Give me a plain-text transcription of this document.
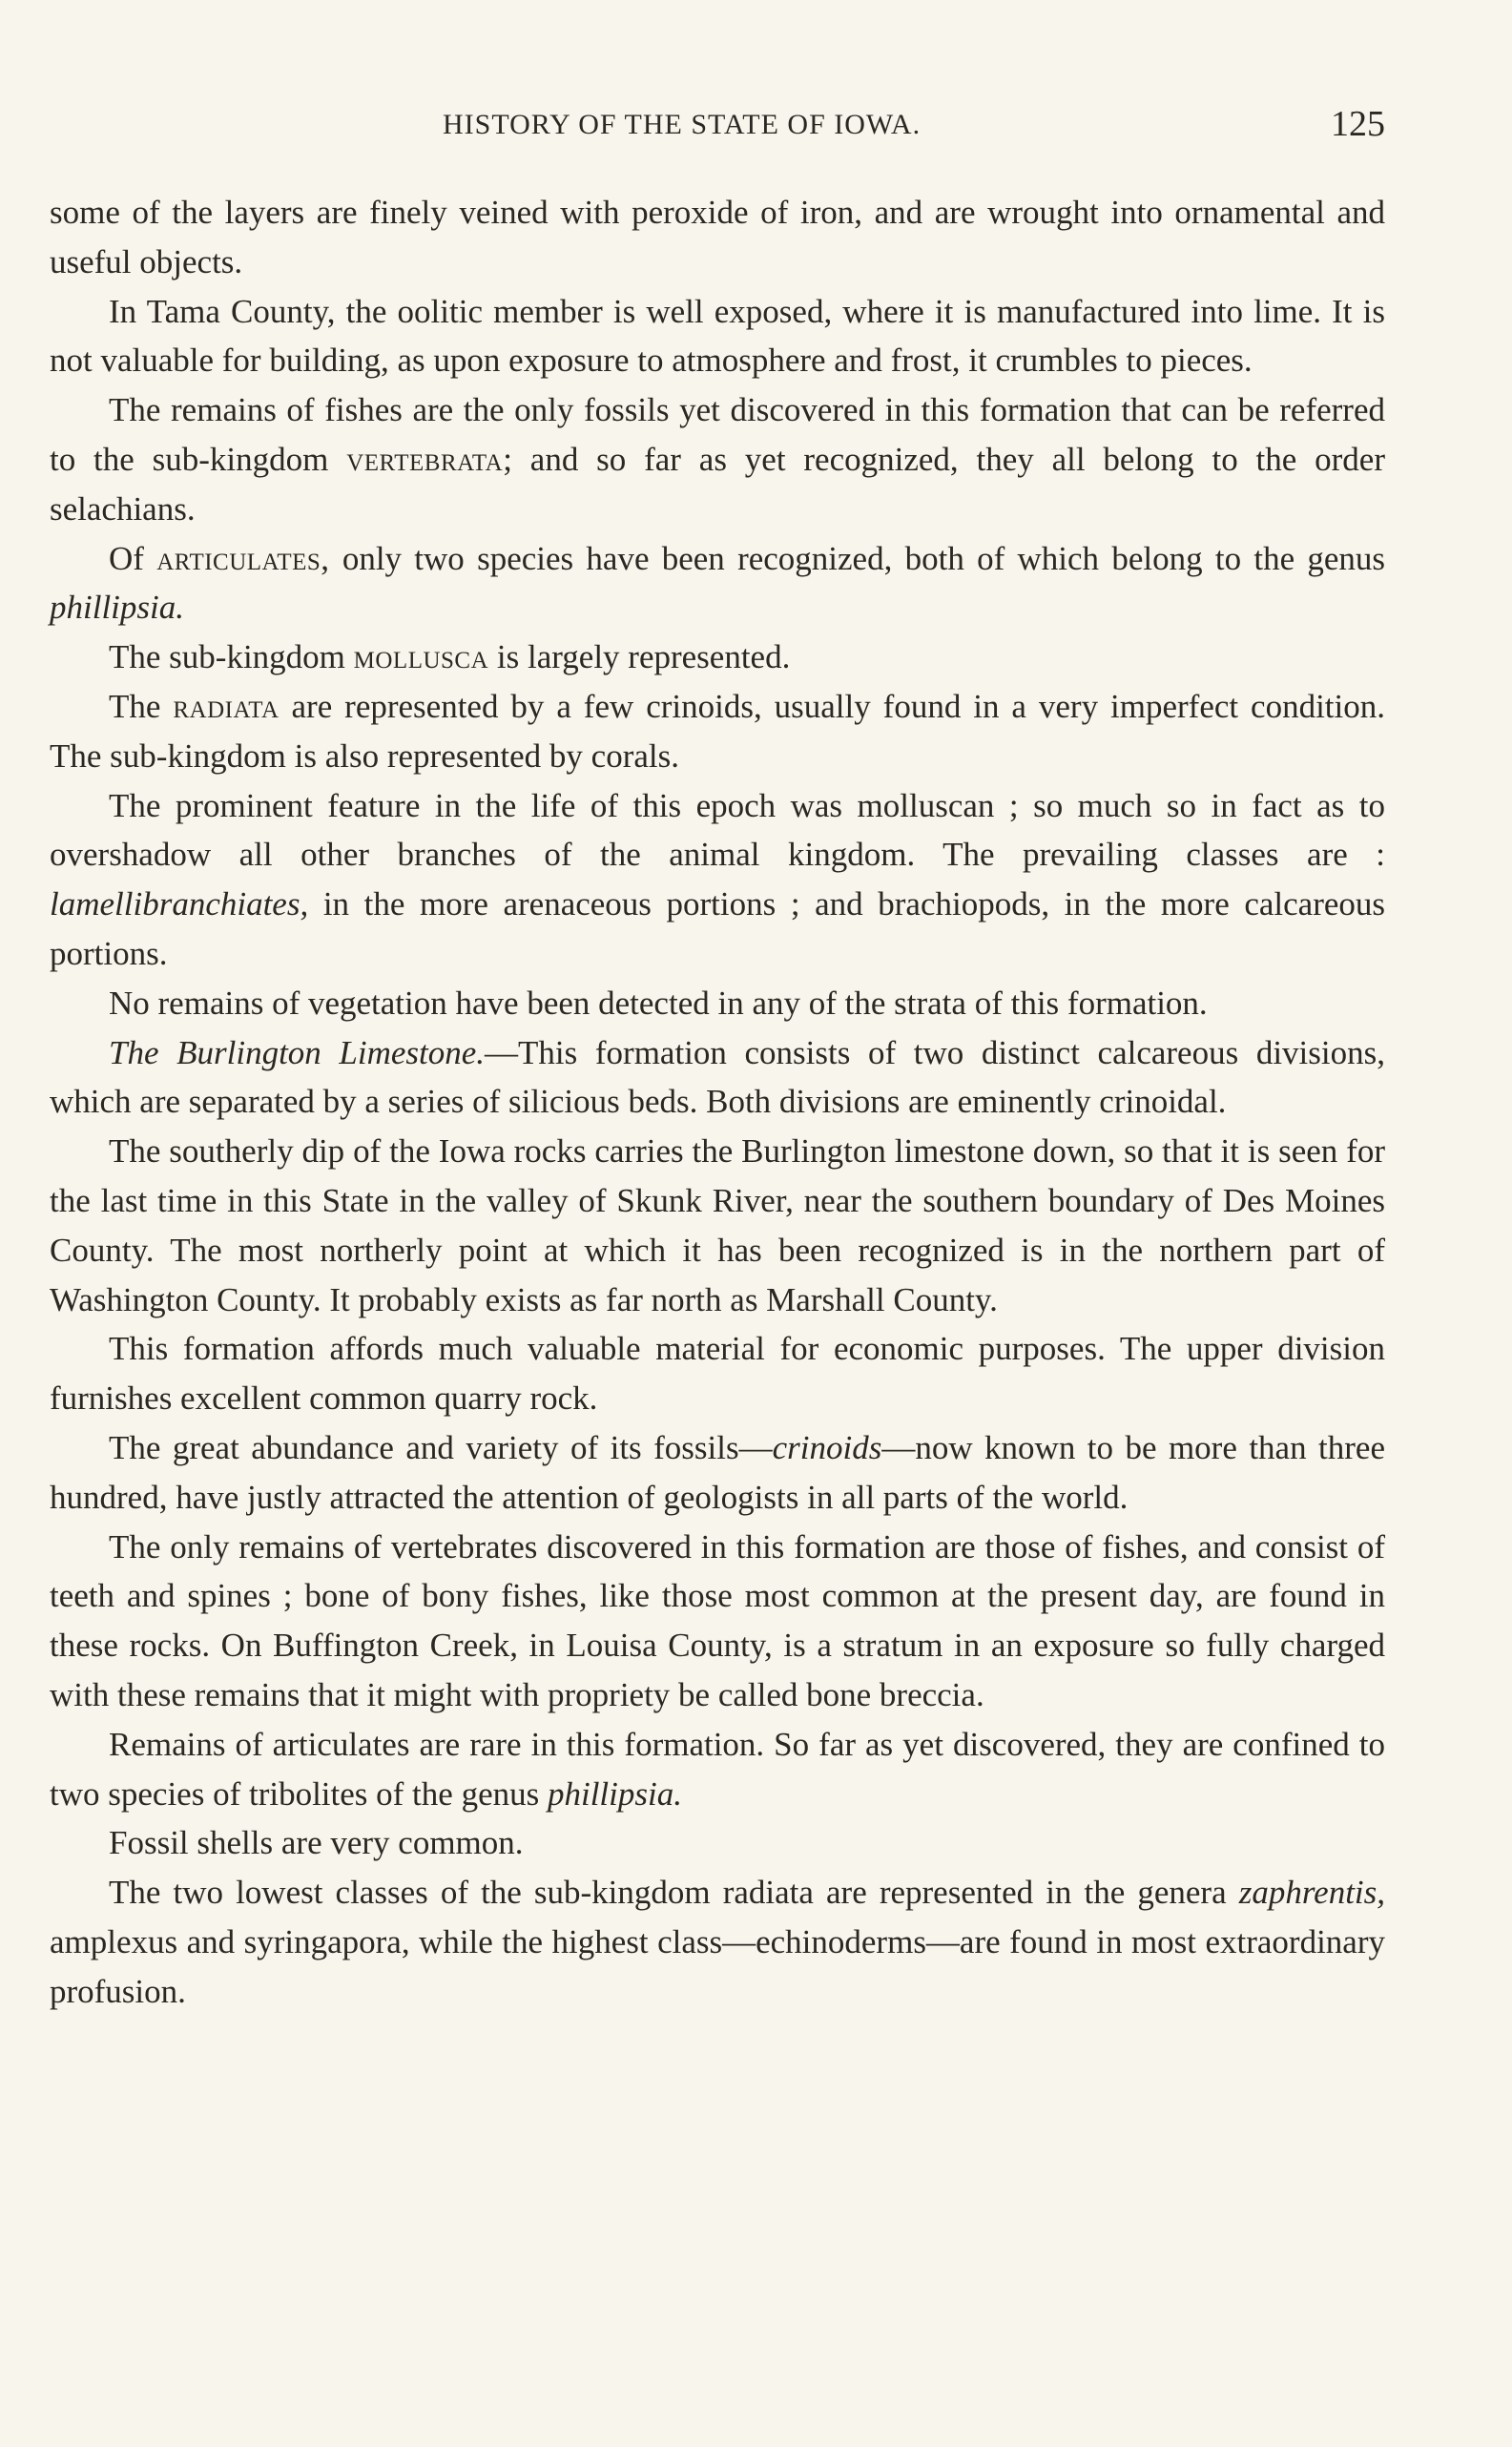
HISTORY OF THE STATE OF IOWA.	125

some of the layers are finely veined with peroxide of iron, and are wrought into ornamental and useful objects.

In Tama County, the oolitic member is well exposed, where it is manufactured into lime. It is not valuable for building, as upon exposure to atmosphere and frost, it crumbles to pieces.

The remains of fishes are the only fossils yet discovered in this formation that can be referred to the sub-kingdom vertebrata; and so far as yet recognized, they all belong to the order selachians.

Of articulates, only two species have been recognized, both of which belong to the genus phillipsia.

The sub-kingdom mollusca is largely represented.

The radiata are represented by a few crinoids, usually found in a very imperfect condition. The sub-kingdom is also represented by corals.

The prominent feature in the life of this epoch was molluscan ; so much so in fact as to overshadow all other branches of the animal kingdom. The prevailing classes are : lamellibranchiates, in the more arenaceous portions ; and brachiopods, in the more calcareous portions.

No remains of vegetation have been detected in any of the strata of this formation.

The Burlington Limestone.—This formation consists of two distinct calcareous divisions, which are separated by a series of silicious beds. Both divisions are eminently crinoidal.

The southerly dip of the Iowa rocks carries the Burlington limestone down, so that it is seen for the last time in this State in the valley of Skunk River, near the southern boundary of Des Moines County. The most northerly point at which it has been recognized is in the northern part of Washington County. It probably exists as far north as Marshall County.

This formation affords much valuable material for economic purposes. The upper division furnishes excellent common quarry rock.

The great abundance and variety of its fossils—crinoids—now known to be more than three hundred, have justly attracted the attention of geologists in all parts of the world.

The only remains of vertebrates discovered in this formation are those of fishes, and consist of teeth and spines ; bone of bony fishes, like those most common at the present day, are found in these rocks. On Buffington Creek, in Louisa County, is a stratum in an exposure so fully charged with these remains that it might with propriety be called bone breccia.

Remains of articulates are rare in this formation. So far as yet discovered, they are confined to two species of tribolites of the genus phillipsia.

Fossil shells are very common.

The two lowest classes of the sub-kingdom radiata are represented in the genera zaphrentis, amplexus and syringapora, while the highest class—echinoderms—are found in most extraordinary profusion.
